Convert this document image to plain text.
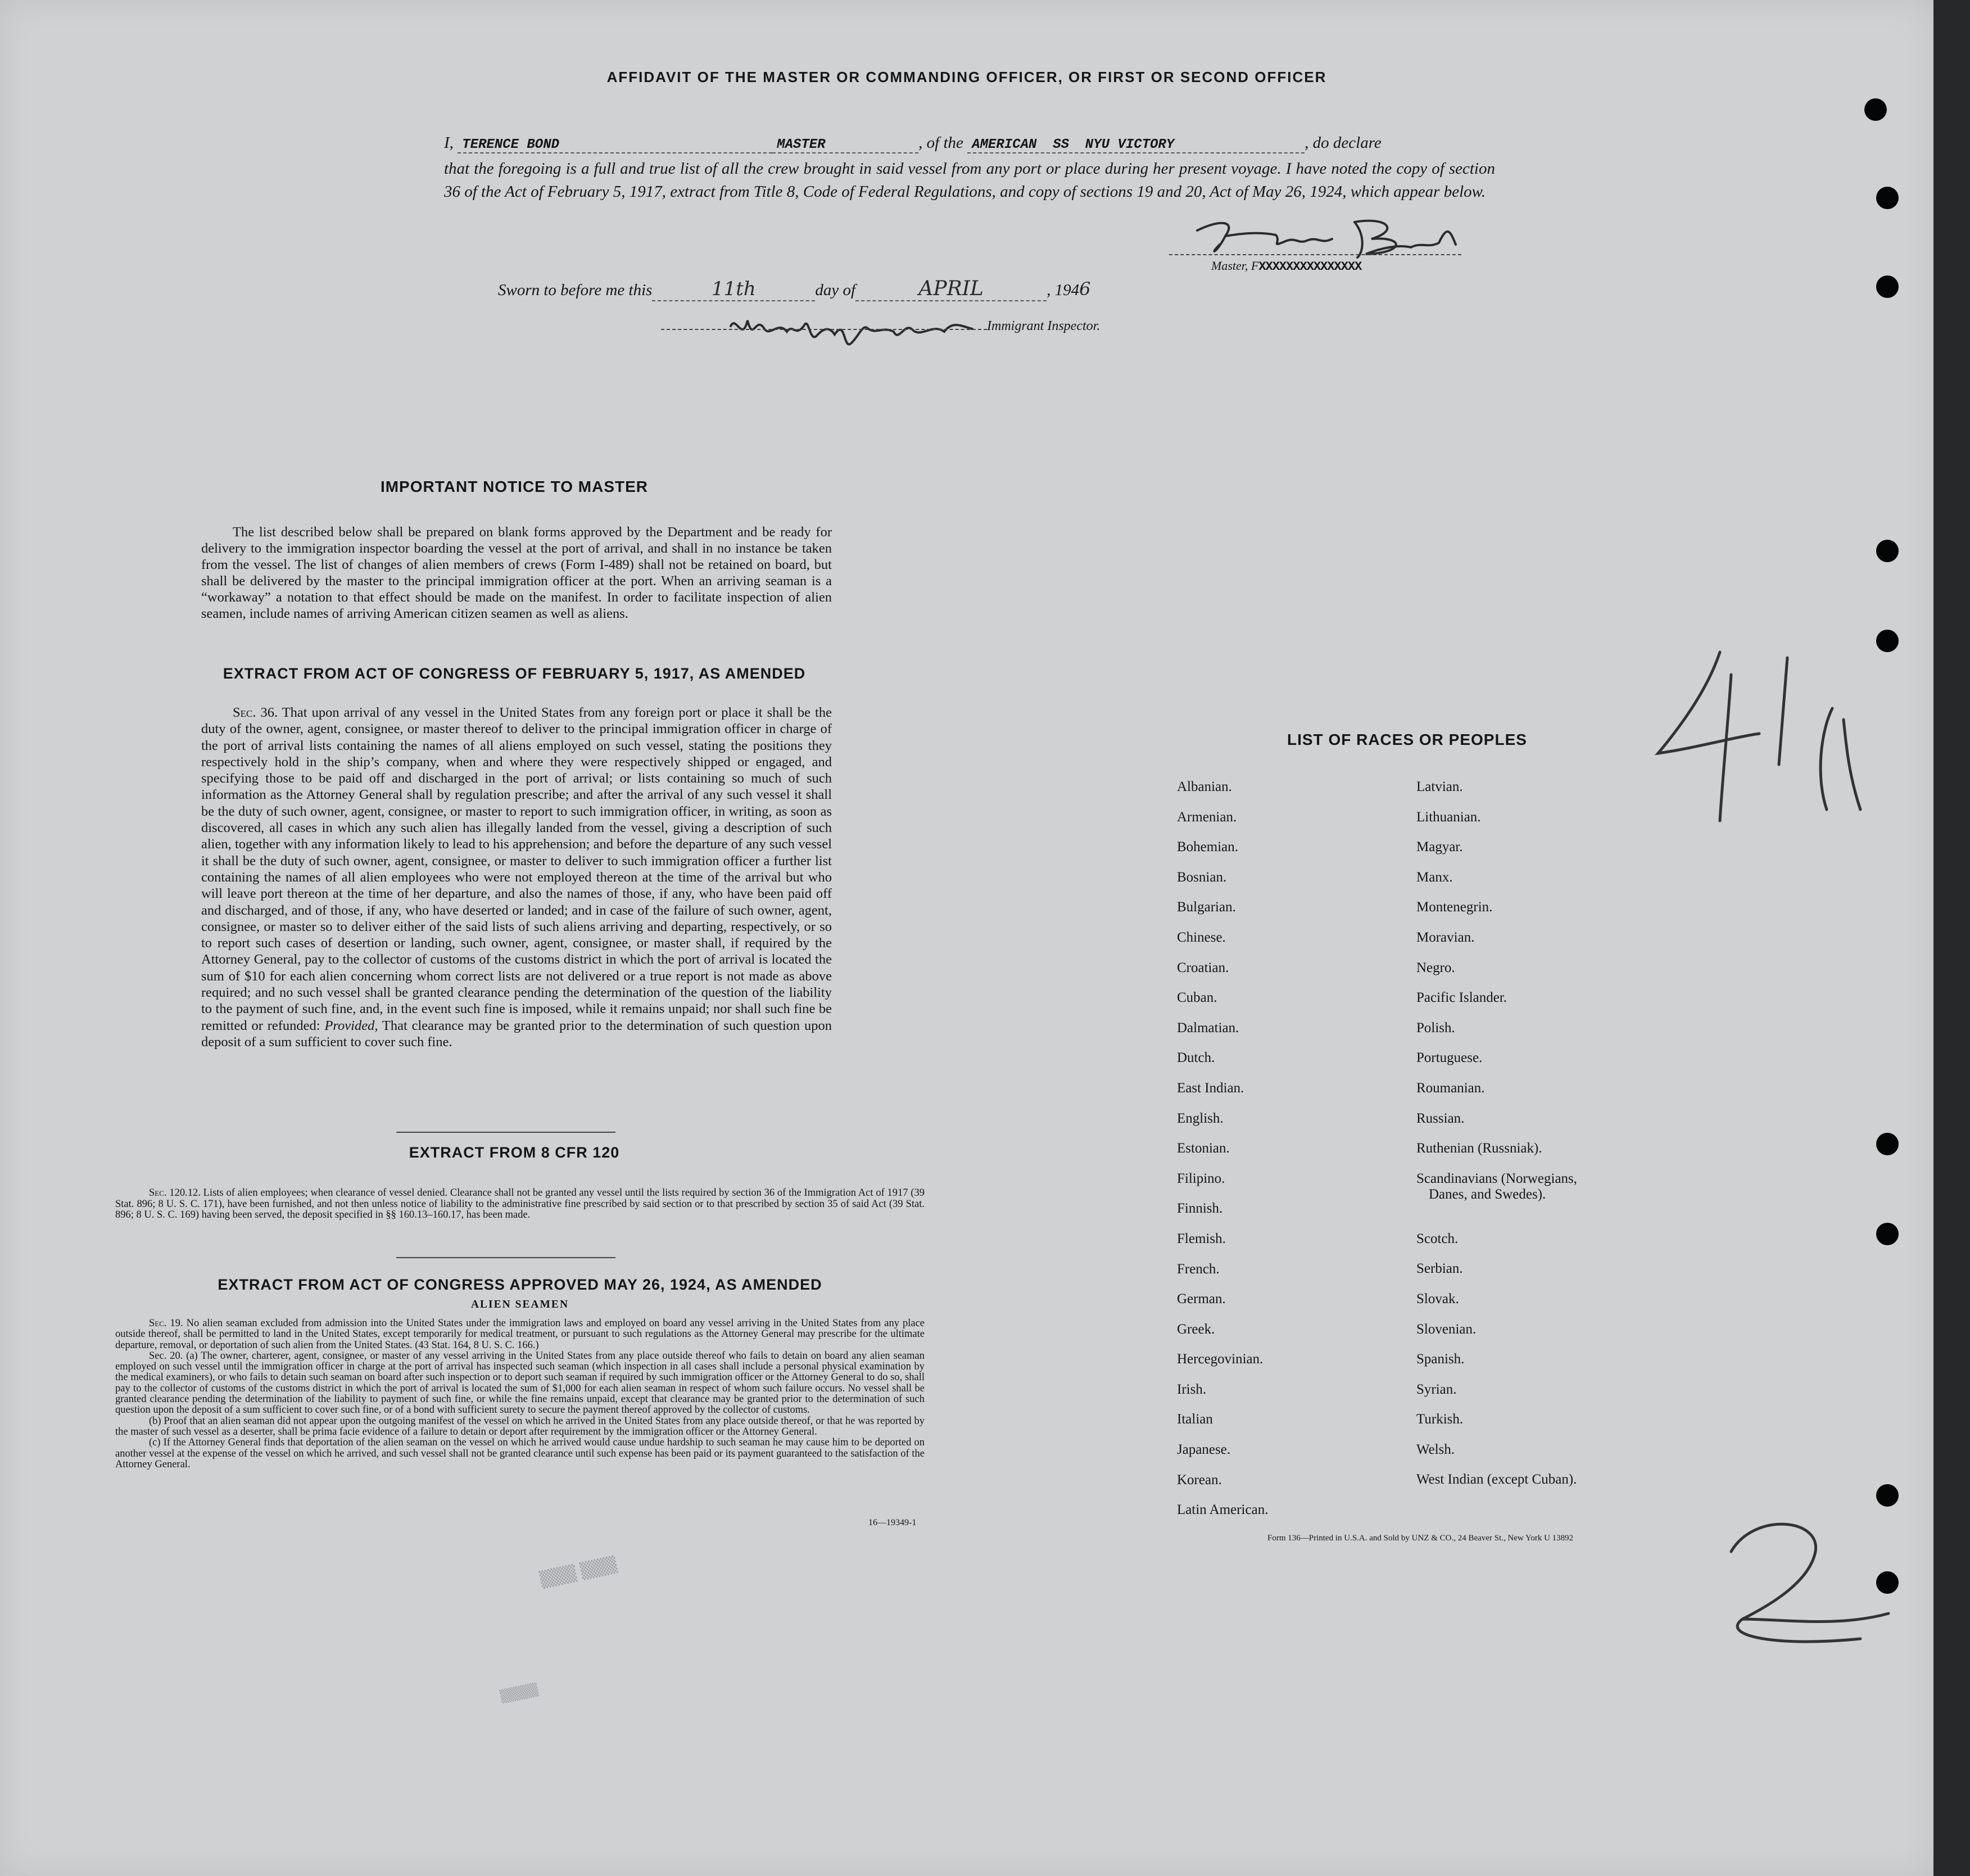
AFFIDAVIT OF THE MASTER OR COMMANDING OFFICER, OR FIRST OR SECOND OFFICER
I, TERENCE BOND	MASTER	, of the AMERICAN  SS  NYU VICTORY	, do declare
that the foregoing is a full and true list of all the crew brought in said vessel from any port or place during her present voyage. I have noted the copy of section 36 of the Act of February 5, 1917, extract from Title 8, Code of Federal Regulations, and copy of sections 19 and 20, Act of May 26, 1924, which appear below.
Master, FXXXXXXXXXXXXXXX
Sworn to before me this	11th	day of	APRIL	, 1946
Immigrant Inspector.
IMPORTANT NOTICE TO MASTER
The list described below shall be prepared on blank forms approved by the Department and be ready for delivery to the immigration inspector boarding the vessel at the port of arrival, and shall in no instance be taken from the vessel. The list of changes of alien members of crews (Form I-489) shall not be retained on board, but shall be delivered by the master to the principal immigration officer at the port. When an arriving seaman is a “workaway” a notation to that effect should be made on the manifest. In order to facilitate inspection of alien seamen, include names of arriving American citizen seamen as well as aliens.
EXTRACT FROM ACT OF CONGRESS OF FEBRUARY 5, 1917, AS AMENDED
Sec. 36. That upon arrival of any vessel in the United States from any foreign port or place it shall be the duty of the owner, agent, consignee, or master thereof to deliver to the principal immigration officer in charge of the port of arrival lists containing the names of all aliens employed on such vessel, stating the positions they respectively hold in the ship’s company, when and where they were respectively shipped or engaged, and specifying those to be paid off and discharged in the port of arrival; or lists containing so much of such information as the Attorney General shall by regulation prescribe; and after the arrival of any such vessel it shall be the duty of such owner, agent, consignee, or master to report to such immigration officer, in writing, as soon as discovered, all cases in which any such alien has illegally landed from the vessel, giving a description of such alien, together with any information likely to lead to his apprehension; and before the departure of any such vessel it shall be the duty of such owner, agent, consignee, or master to deliver to such immigration officer a further list containing the names of all alien employees who were not employed thereon at the time of the arrival but who will leave port thereon at the time of her departure, and also the names of those, if any, who have been paid off and discharged, and of those, if any, who have deserted or landed; and in case of the failure of such owner, agent, consignee, or master so to deliver either of the said lists of such aliens arriving and departing, respectively, or so to report such cases of desertion or landing, such owner, agent, consignee, or master shall, if required by the Attorney General, pay to the collector of customs of the customs district in which the port of arrival is located the sum of $10 for each alien concerning whom correct lists are not delivered or a true report is not made as above required; and no such vessel shall be granted clearance pending the determination of the question of the liability to the payment of such fine, and, in the event such fine is imposed, while it remains unpaid; nor shall such fine be remitted or refunded: Provided, That clearance may be granted prior to the determination of such question upon deposit of a sum sufficient to cover such fine.
EXTRACT FROM 8 CFR 120
Sec. 120.12. Lists of alien employees; when clearance of vessel denied. Clearance shall not be granted any vessel until the lists required by section 36 of the Immigration Act of 1917 (39 Stat. 896; 8 U. S. C. 171), have been furnished, and not then unless notice of liability to the administrative fine prescribed by said section or to that prescribed by section 35 of said Act (39 Stat. 896; 8 U. S. C. 169) having been served, the deposit specified in §§ 160.13–160.17, has been made.
EXTRACT FROM ACT OF CONGRESS APPROVED MAY 26, 1924, AS AMENDED
ALIEN SEAMEN

Sec. 19. No alien seaman excluded from admission into the United States under the immigration laws and employed on board any vessel arriving in the United States from any place outside thereof, shall be permitted to land in the United States, except temporarily for medical treatment, or pursuant to such regulations as the Attorney General may prescribe for the ultimate departure, removal, or deportation of such alien from the United States. (43 Stat. 164, 8 U. S. C. 166.)

Sec. 20. (a) The owner, charterer, agent, consignee, or master of any vessel arriving in the United States from any place outside thereof who fails to detain on board any alien seaman employed on such vessel until the immigration officer in charge at the port of arrival has inspected such seaman (which inspection in all cases shall include a personal physical examination by the medical examiners), or who fails to detain such seaman on board after such inspection or to deport such seaman if required by such immigration officer or the Attorney General to do so, shall pay to the collector of customs of the customs district in which the port of arrival is located the sum of $1,000 for each alien seaman in respect of whom such failure occurs. No vessel shall be granted clearance pending the determination of the liability to payment of such fine, or while the fine remains unpaid, except that clearance may be granted prior to the determination of such question upon the deposit of a sum sufficient to cover such fine, or of a bond with sufficient surety to secure the payment thereof approved by the collector of customs.

(b) Proof that an alien seaman did not appear upon the outgoing manifest of the vessel on which he arrived in the United States from any place outside thereof, or that he was reported by the master of such vessel as a deserter, shall be prima facie evidence of a failure to detain or deport after requirement by the immigration officer or the Attorney General.

(c) If the Attorney General finds that deportation of the alien seaman on the vessel on which he arrived would cause undue hardship to such seaman he may cause him to be deported on another vessel at the expense of the vessel on which he arrived, and such vessel shall not be granted clearance until such expense has been paid or its payment guaranteed to the satisfaction of the Attorney General.

16—19349-1
LIST OF RACES OR PEOPLES
Albanian.
Armenian.
Bohemian.
Bosnian.
Bulgarian.
Chinese.
Croatian.
Cuban.
Dalmatian.
Dutch.
East Indian.
English.
Estonian.
Filipino.
Finnish.
Flemish.
French.
German.
Greek.
Hercegovinian.
Irish.
Italian
Japanese.
Korean.
Latin American.
Latvian.
Lithuanian.
Magyar.
Manx.
Montenegrin.
Moravian.
Negro.
Pacific Islander.
Polish.
Portuguese.
Roumanian.
Russian.
Ruthenian (Russniak).
Scandinavians (Norwegians,
Danes, and Swedes).
Scotch.
Serbian.
Slovak.
Slovenian.
Spanish.
Syrian.
Turkish.
Welsh.
West Indian (except Cuban).
Form 136—Printed in U.S.A. and Sold by UNZ & CO., 24 Beaver St., New York U 13892
▒▒▒ ▒▒▒
▒▒▒▒
